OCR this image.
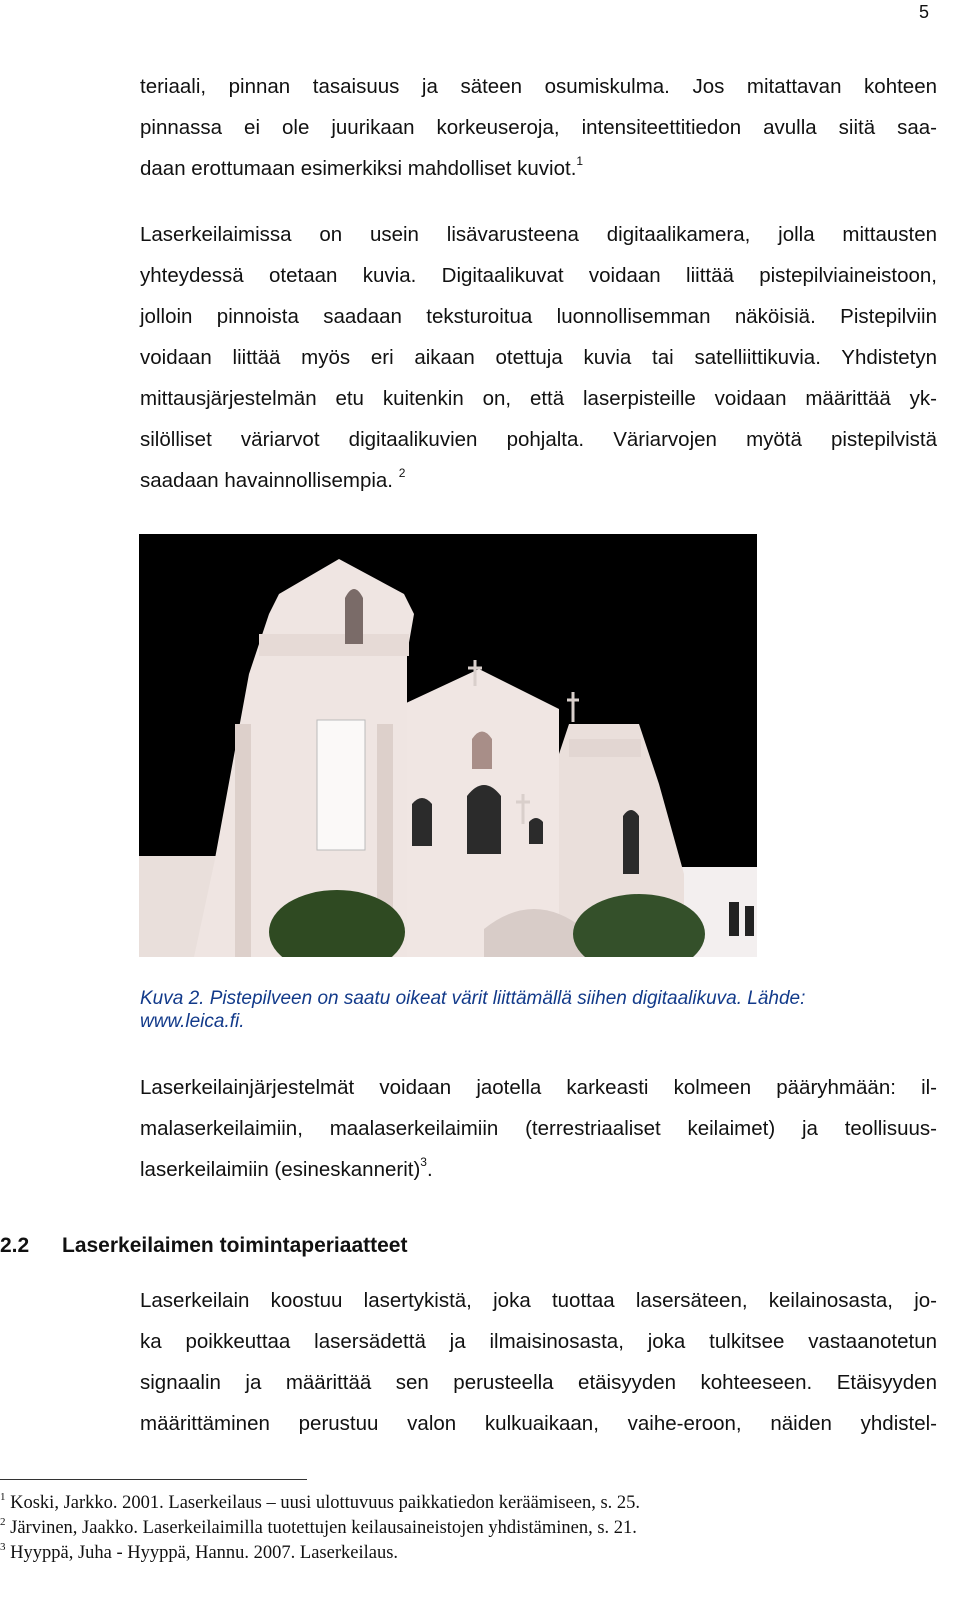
5

teriaali, pinnan tasaisuus ja säteen osumiskulma. Jos mitattavan kohteen
pinnassa ei ole juurikaan korkeuseroja, intensiteettitiedon avulla siitä saa-
daan erottumaan esimerkiksi mahdolliset kuviot.$^1$

Laserkeilaimissa on usein lisävarusteena digitaalikamera, jolla mittausten
yhteydessä otetaan kuvia. Digitaalikuvat voidaan liittää pistepilviaineistoon,
jolloin pinnoista saadaan teksturoitua luonnollisemman näköisiä. Pistepilviin
voidaan liittää myös eri aikaan otettuja kuvia tai satelliittikuvia. Yhdistetyn
mittausjärjestelmän etu kuitenkin on, että laserpisteille voidaan määrittää yk-
silölliset väriarvot digitaalikuvien pohjalta. Väriarvojen myötä pistepilvistä
saadaan havainnollisempia. $^2$

Kuva 2. Pistepilveen on saatu oikeat värit liittämällä siihen digitaalikuva. Lähde:
www.leica.fi.

Laserkeilainjärjestelmät voidaan jaotella karkeasti kolmeen pääryhmään: il-
malaserkeilaimiin, maalaserkeilaimiin (terrestriaaliset keilaimet) ja teollisuus-
laserkeilaimiin (esineskannerit)$^3$.

2.2 Laserkeilaimen toimintaperiaatteet

Laserkeilain koostuu lasertykistä, joka tuottaa lasersäteen, keilainosasta, jo-
ka poikkeuttaa lasersädettä ja ilmaisinosasta, joka tulkitsee vastaanotetun
signaalin ja määrittää sen perusteella etäisyyden kohteeseen. Etäisyyden
määrittäminen perustuu valon kulkuaikaan, vaihe-eroon, näiden yhdistel-

$^1$ Koski, Jarkko. 2001. Laserkeilaus – uusi ulottuvuus paikkatiedon keräämiseen, s. 25.
$^2$ Järvinen, Jaakko. Laserkeilaimilla tuotettujen keilausaineistojen yhdistäminen, s. 21.
$^3$ Hyyppä, Juha - Hyyppä, Hannu. 2007. Laserkeilaus.
